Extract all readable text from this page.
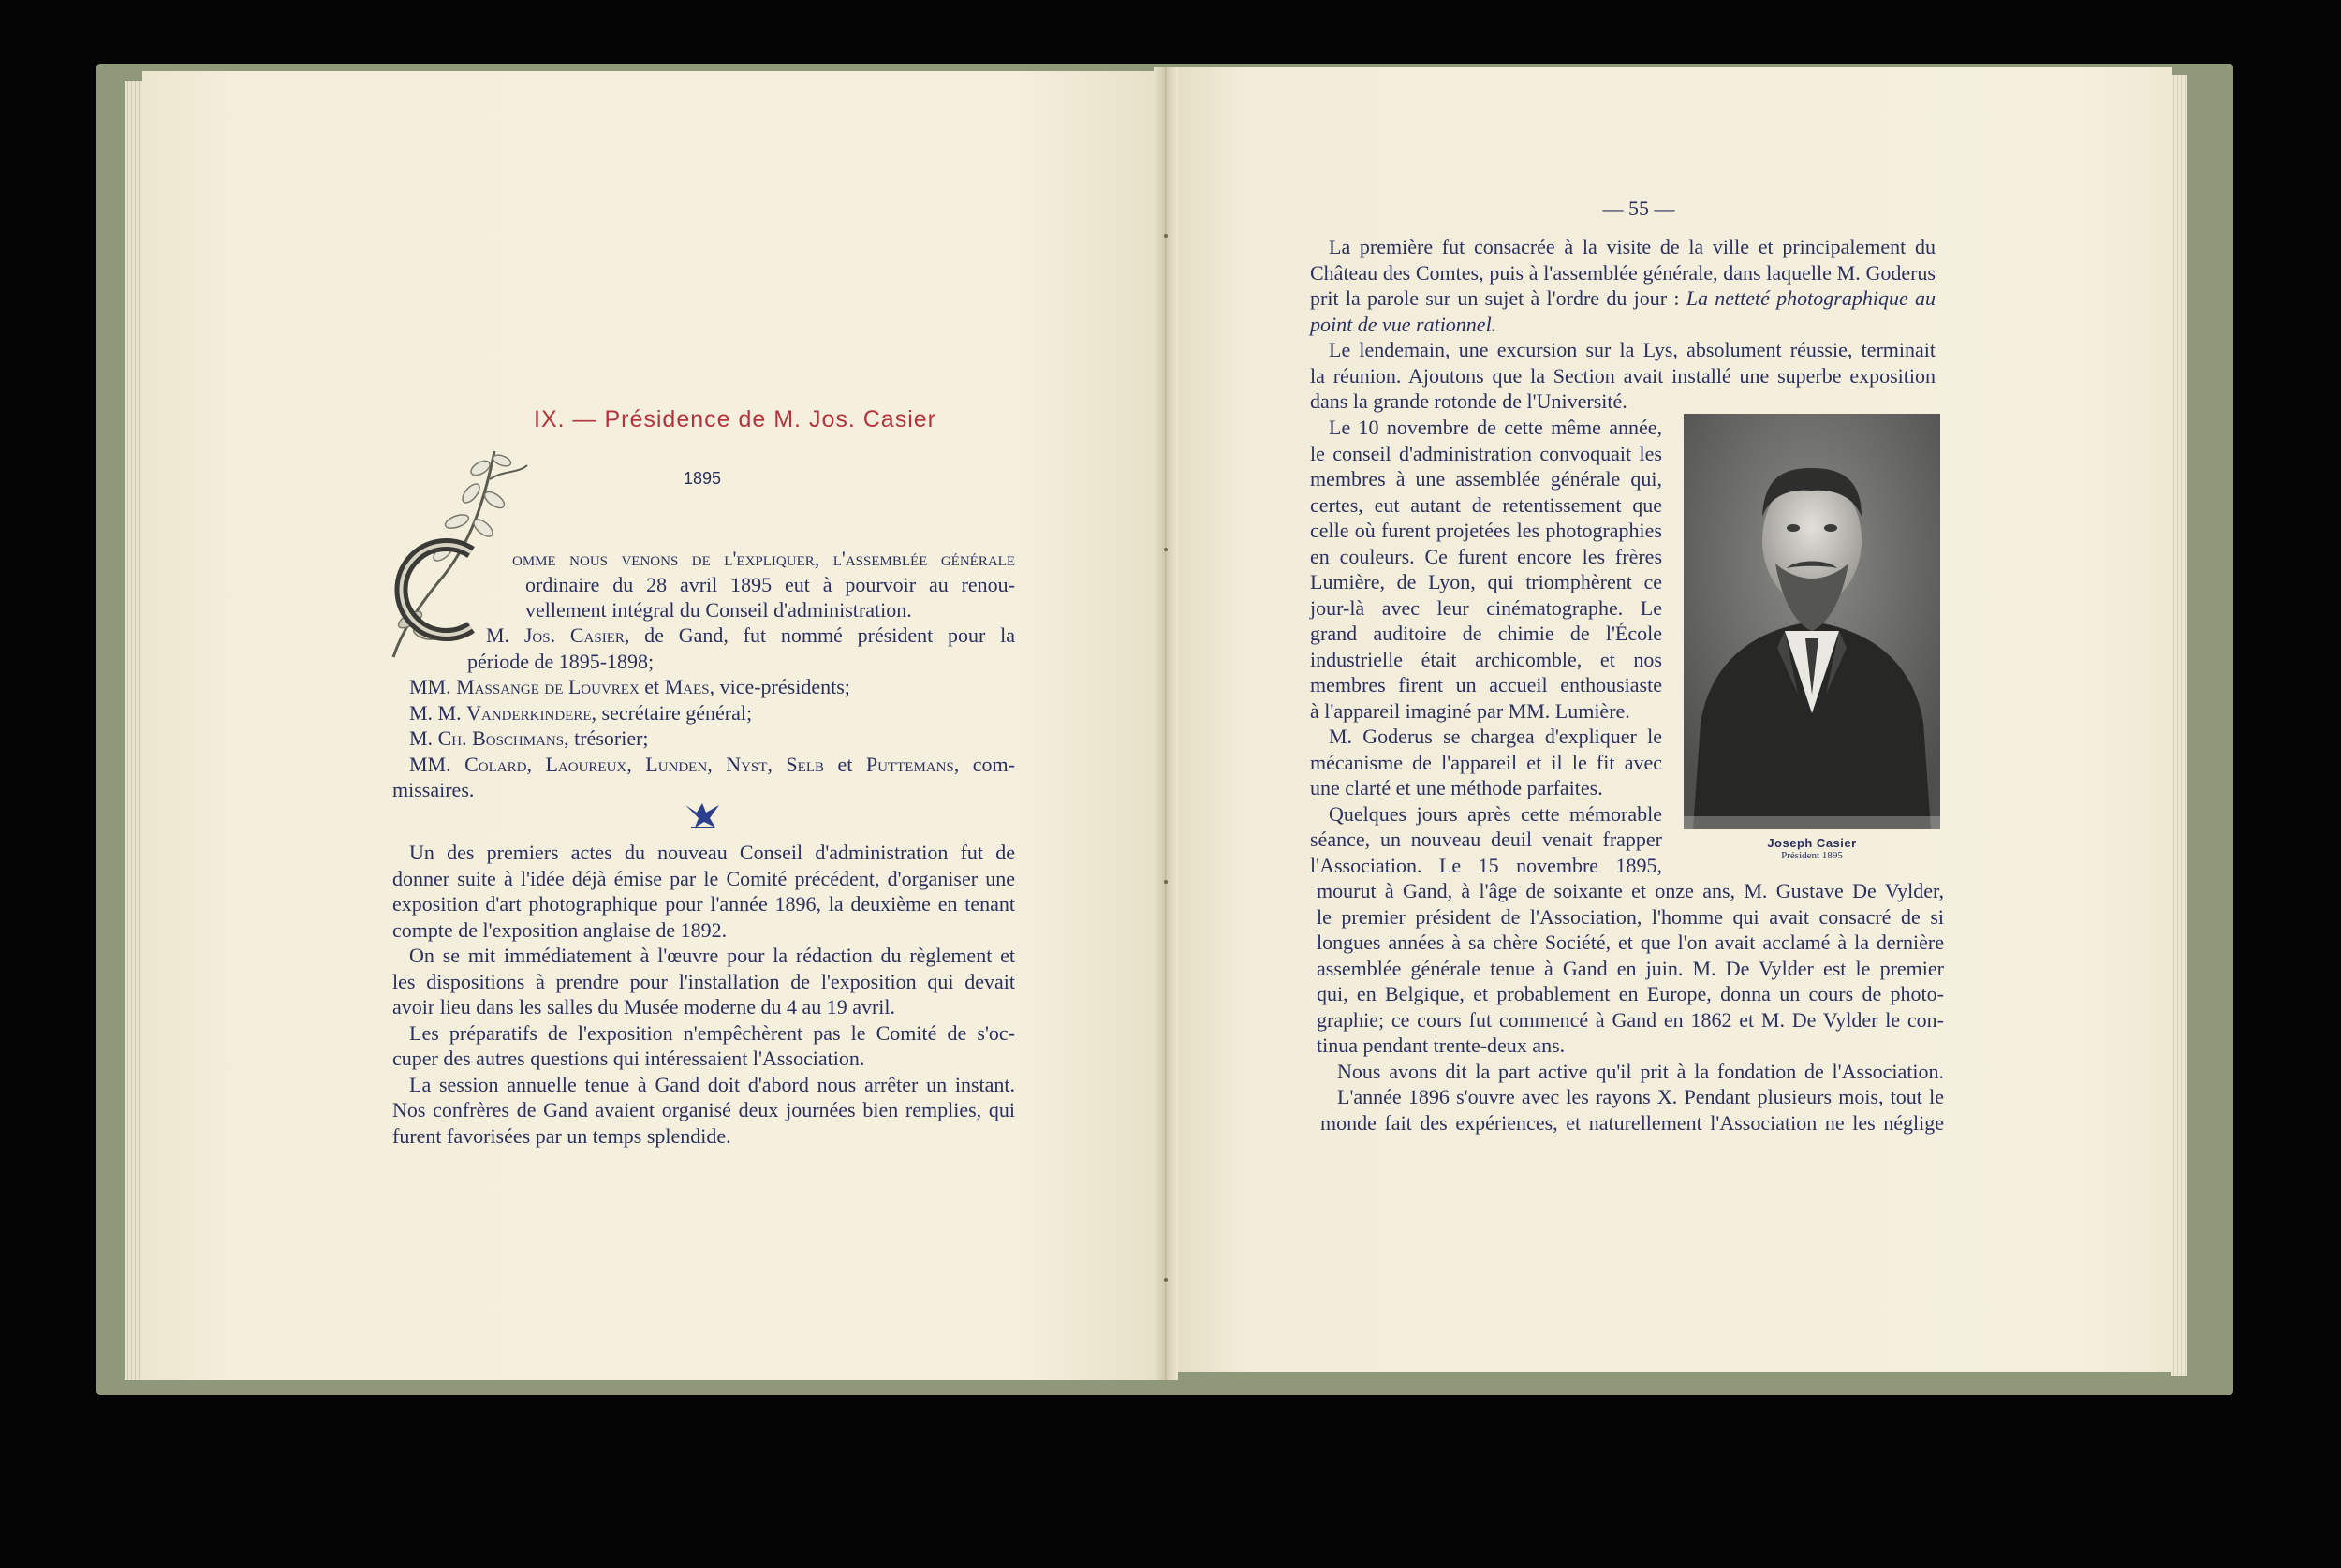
IX. — Présidence de M. Jos. Casier
1895
omme nous venons de l'expliquer, l'assemblée générale
ordinaire du 28 avril 1895 eut à pourvoir au renou-
vellement intégral du Conseil d'administration.
M. Jos. Casier, de Gand, fut nommé président pour la
période de 1895-1898;
MM. Massange de Louvrex et Maes, vice-présidents;
M. M. Vanderkindere, secrétaire général;
M. Ch. Boschmans, trésorier;
MM. Colard, Laoureux, Lunden, Nyst, Selb et Puttemans, com-
missaires.
Un des premiers actes du nouveau Conseil d'administration fut de
donner suite à l'idée déjà émise par le Comité précédent, d'organiser une
exposition d'art photographique pour l'année 1896, la deuxième en tenant
compte de l'exposition anglaise de 1892.
On se mit immédiatement à l'œuvre pour la rédaction du règlement et
les dispositions à prendre pour l'installation de l'exposition qui devait
avoir lieu dans les salles du Musée moderne du 4 au 19 avril.
Les préparatifs de l'exposition n'empêchèrent pas le Comité de s'oc-
cuper des autres questions qui intéressaient l'Association.
La session annuelle tenue à Gand doit d'abord nous arrêter un instant.
Nos confrères de Gand avaient organisé deux journées bien remplies, qui
furent favorisées par un temps splendide.
— 55 —
La première fut consacrée à la visite de la ville et principalement du
Château des Comtes, puis à l'assemblée générale, dans laquelle M. Goderus
prit la parole sur un sujet à l'ordre du jour : La netteté photographique au
point de vue rationnel.
Le lendemain, une excursion sur la Lys, absolument réussie, terminait
la réunion. Ajoutons que la Section avait installé une superbe exposition
dans la grande rotonde de l'Université.
Le 10 novembre de cette même année,
le conseil d'administration convoquait les
membres à une assemblée générale qui,
certes, eut autant de retentissement que
celle où furent projetées les photographies
en couleurs. Ce furent encore les frères
Lumière, de Lyon, qui triomphèrent ce
jour-là avec leur cinématographe. Le
grand auditoire de chimie de l'École
industrielle était archicomble, et nos
membres firent un accueil enthousiaste
à l'appareil imaginé par MM. Lumière.
M. Goderus se chargea d'expliquer le
mécanisme de l'appareil et il le fit avec
une clarté et une méthode parfaites.
Quelques jours après cette mémorable
séance, un nouveau deuil venait frapper
l'Association. Le 15 novembre 1895,
mourut à Gand, à l'âge de soixante et onze ans, M. Gustave De Vylder,
le premier président de l'Association, l'homme qui avait consacré de si
longues années à sa chère Société, et que l'on avait acclamé à la dernière
assemblée générale tenue à Gand en juin. M. De Vylder est le premier
qui, en Belgique, et probablement en Europe, donna un cours de photo-
graphie; ce cours fut commencé à Gand en 1862 et M. De Vylder le con-
tinua pendant trente-deux ans.
Nous avons dit la part active qu'il prit à la fondation de l'Association.
L'année 1896 s'ouvre avec les rayons X. Pendant plusieurs mois, tout le
monde fait des expériences, et naturellement l'Association ne les néglige
Joseph Casier
Président 1895
